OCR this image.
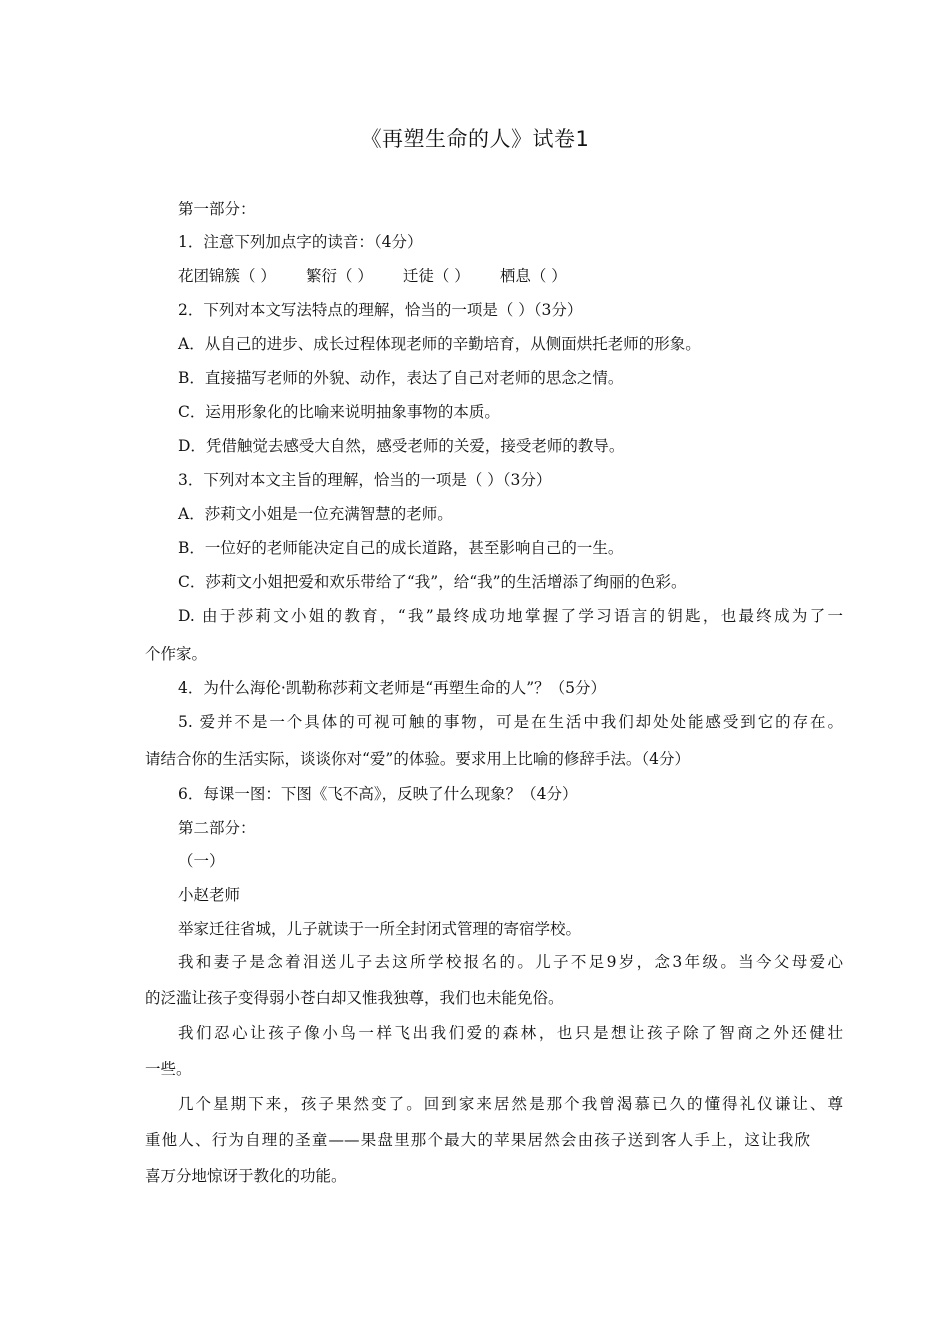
《再塑生命的人》试卷1
第一部分：
1．注意下列加点字的读音：（4分）
花团锦簇（ ） 繁衍（ ） 迁徒（ ） 栖息（ ）
2．下列对本文写法特点的理解，恰当的一项是（ ）（3分）
A．从自己的进步、成长过程体现老师的辛勤培育，从侧面烘托老师的形象。
B．直接描写老师的外貌、动作，表达了自己对老师的思念之情。
C．运用形象化的比喻来说明抽象事物的本质。
D．凭借触觉去感受大自然，感受老师的关爱，接受老师的教导。
3．下列对本文主旨的理解，恰当的一项是（ ）（3分）
A．莎莉文小姐是一位充满智慧的老师。
B．一位好的老师能决定自己的成长道路，甚至影响自己的一生。
C．莎莉文小姐把爱和欢乐带给了“我”，给“我”的生活增添了绚丽的色彩。
D. 由于莎莉文小姐的教育，“我”最终成功地掌握了学习语言的钥匙，也最终成为了一
个作家。
4．为什么海伦·凯勒称莎莉文老师是“再塑生命的人”？（5分）
5. 爱并不是一个具体的可视可触的事物，可是在生活中我们却处处能感受到它的存在。
请结合你的生活实际，谈谈你对“爱”的体验。要求用上比喻的修辞手法。（4分）
6．每课一图：下图《飞不高》，反映了什么现象？（4分）
第二部分：
（一）
小赵老师
举家迁往省城，儿子就读于一所全封闭式管理的寄宿学校。
我和妻子是念着泪送儿子去这所学校报名的。儿子不足9岁，念3年级。当今父母爱心
的泛滥让孩子变得弱小苍白却又惟我独尊，我们也未能免俗。
我们忍心让孩子像小鸟一样飞出我们爱的森林，也只是想让孩子除了智商之外还健壮
一些。
几个星期下来，孩子果然变了。回到家来居然是那个我曾渴慕已久的懂得礼仪谦让、尊
重他人、行为自理的圣童——果盘里那个最大的苹果居然会由孩子送到客人手上，这让我欣
喜万分地惊讶于教化的功能。
